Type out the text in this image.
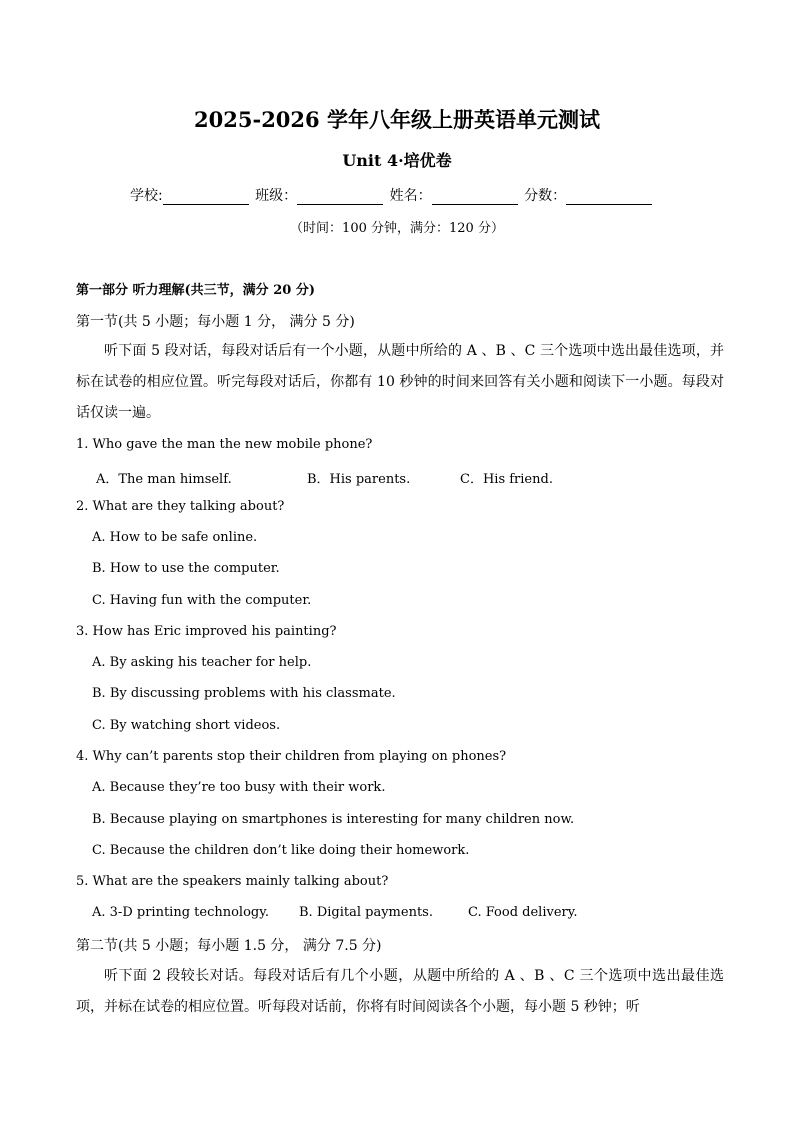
2025-2026 学年八年级上册英语单元测试
Unit 4·培优卷
学校:	班级：	姓名：	分数：
（时间：100 分钟，满分：120 分）
第一部分 听力理解(共三节，满分 20 分)
第一节(共 5 小题；每小题 1 分， 满分 5 分)
听下面 5 段对话，每段对话后有一个小题，从题中所给的 A 、B 、C 三个选项中选出最佳选项，并标在试卷的相应位置。听完每段对话后，你都有 10 秒钟的时间来回答有关小题和阅读下一小题。每段对话仅读一遍。
1. Who gave the man the new mobile phone?
A．The man himself.	B．His parents.	C．His friend.
2. What are they talking about?
A. How to be safe online.
B. How to use the computer.
C. Having fun with the computer.
3. How has Eric improved his painting?
A. By asking his teacher for help.
B. By discussing problems with his classmate.
C. By watching short videos.
4. Why can’t parents stop their children from playing on phones?
A. Because they’re too busy with their work.
B. Because playing on smartphones is interesting for many children now.
C. Because the children don’t like doing their homework.
5. What are the speakers mainly talking about?
A. 3-D printing technology. B. Digital payments.	C. Food delivery.
第二节(共 5 小题；每小题 1.5 分， 满分 7.5 分)
听下面 2 段较长对话。每段对话后有几个小题，从题中所给的 A 、B 、C 三个选项中选出最佳选项，并标在试卷的相应位置。听每段对话前，你将有时间阅读各个小题，每小题 5 秒钟；听
